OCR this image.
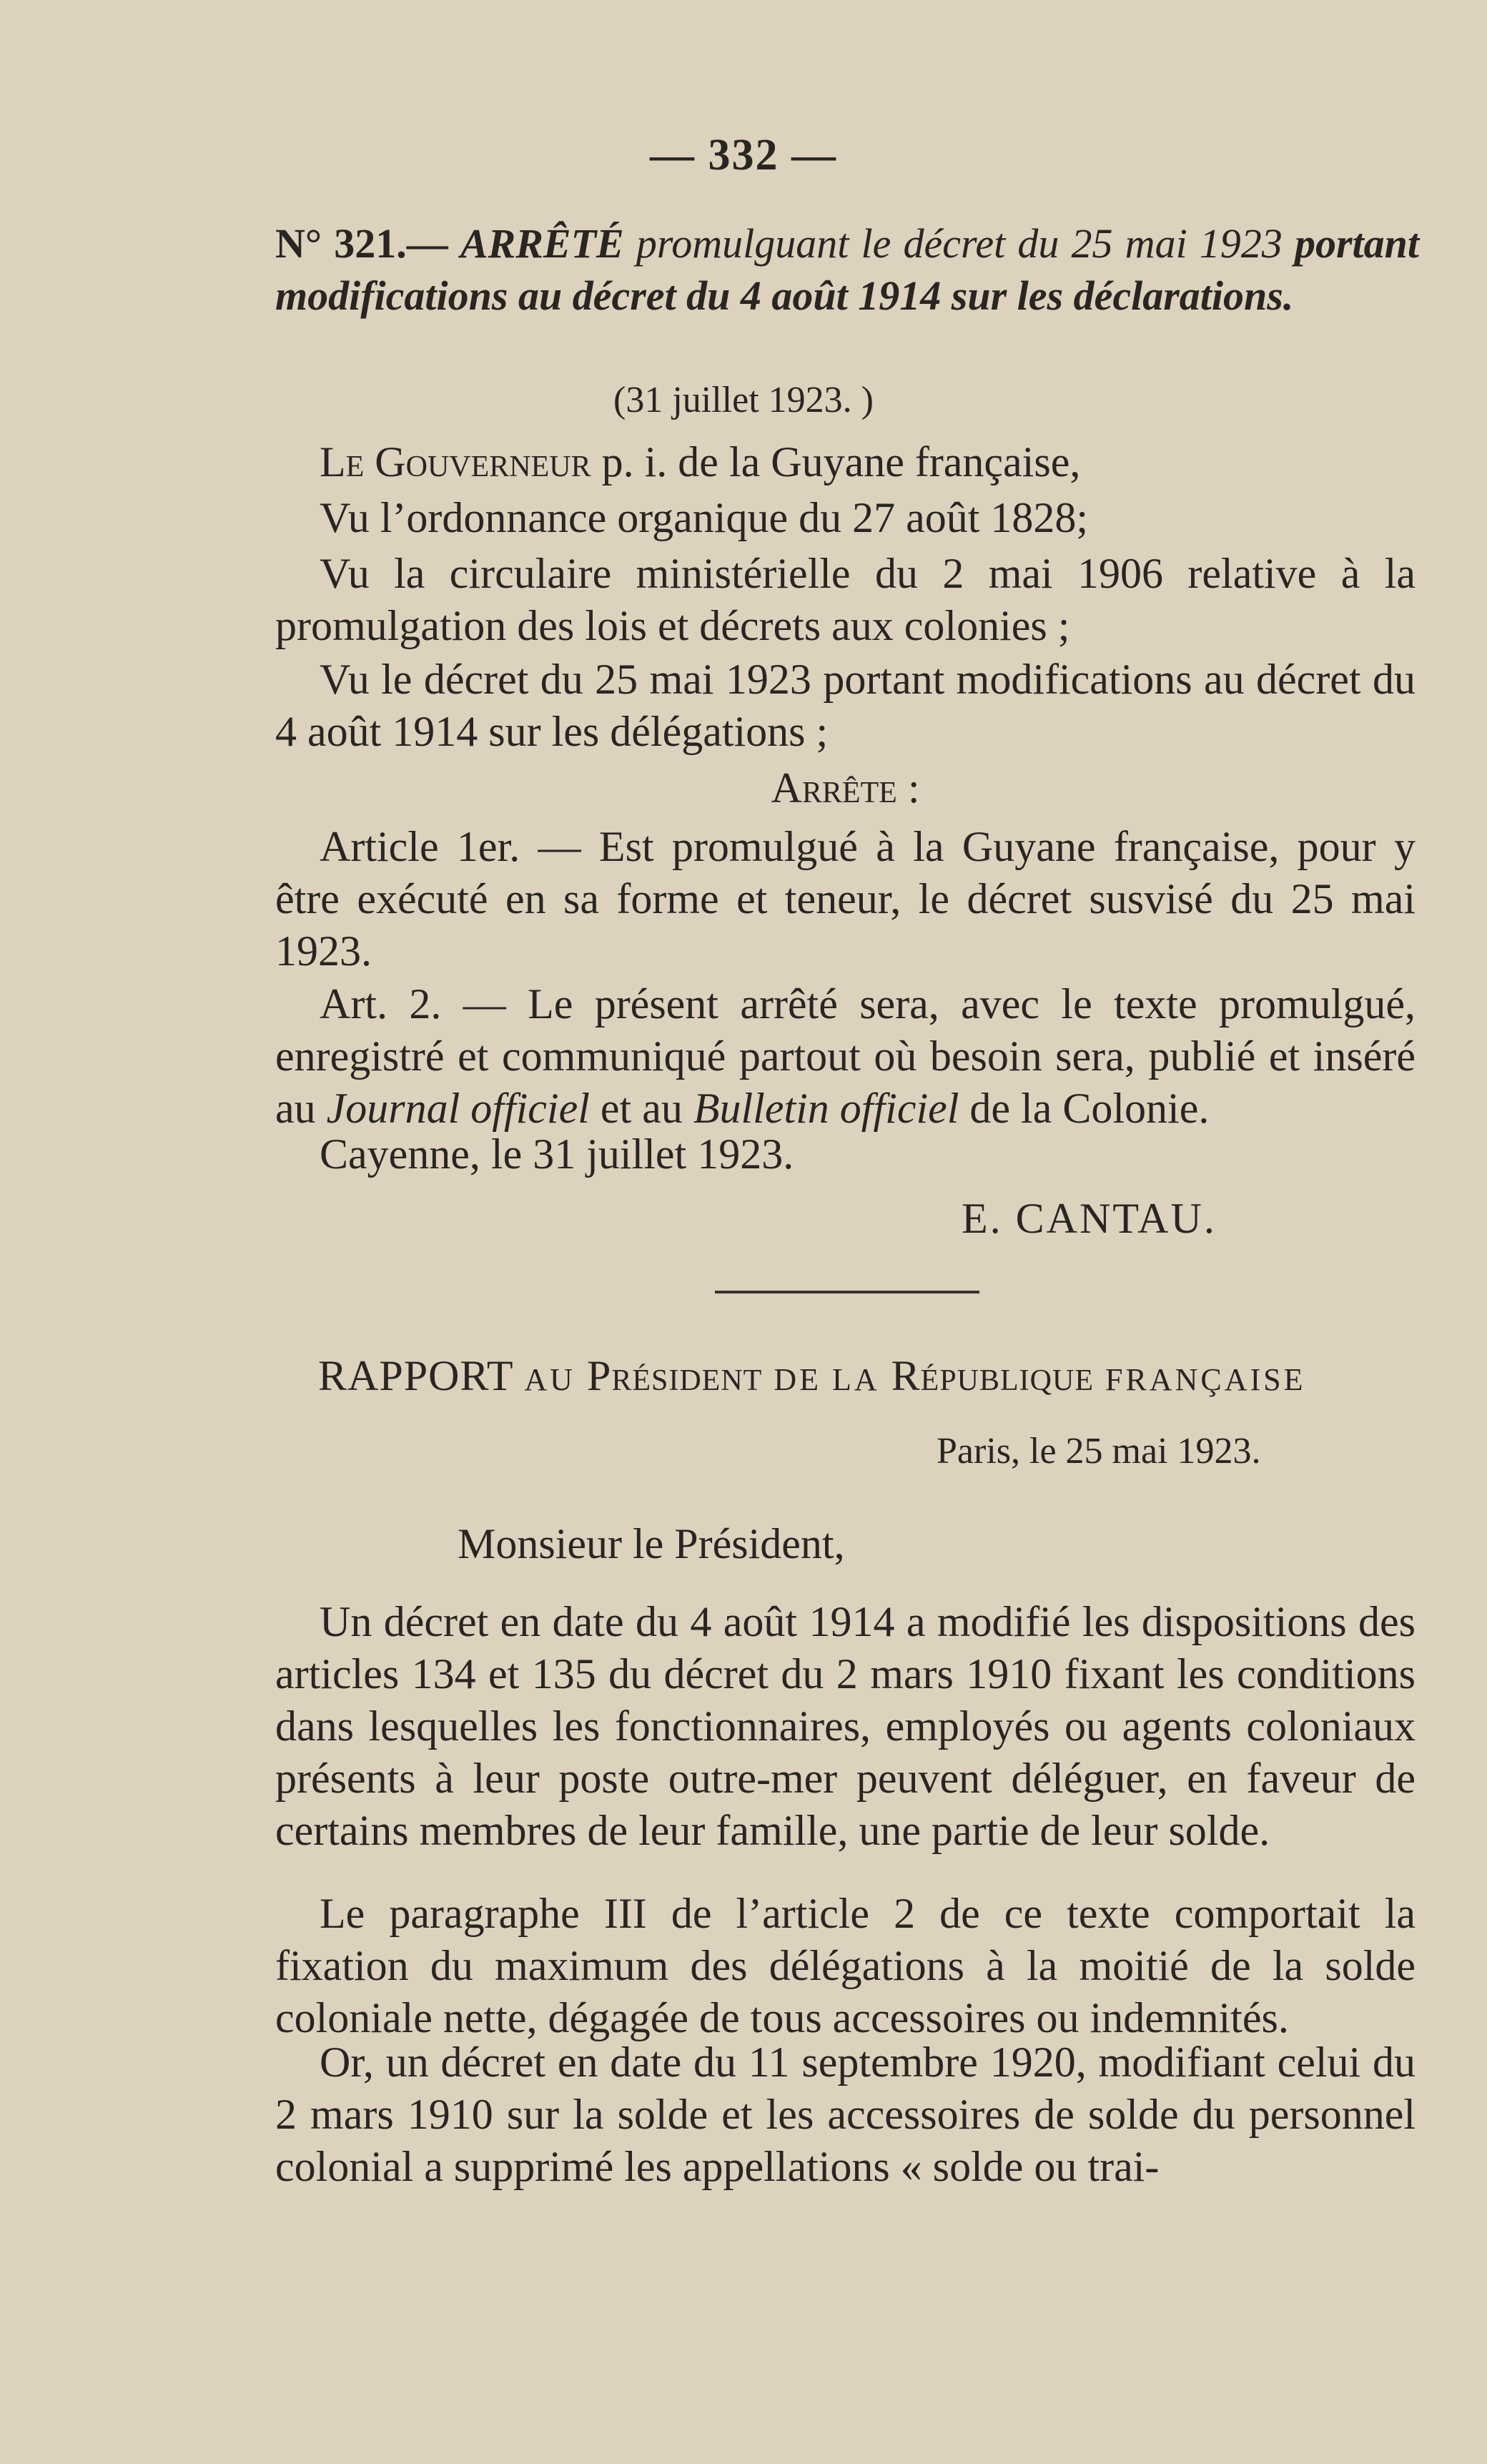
— 332 —
N° 321.— ARRÊTÉ promulguant le décret du 25 mai 1923 portant modifications au décret du 4 août 1914 sur les déclarations.
(31 juillet 1923. )
Le Gouverneur p. i. de la Guyane française,
Vu l’ordonnance organique du 27 août 1828;
Vu la circulaire ministérielle du 2 mai 1906 relative à la promulgation des lois et décrets aux colonies ;
Vu le décret du 25 mai 1923 portant modifications au décret du 4 août 1914 sur les délégations ;
Arrête :
Article 1er. — Est promulgué à la Guyane française, pour y être exécuté en sa forme et teneur, le décret susvisé du 25 mai 1923.
Art. 2. — Le présent arrêté sera, avec le texte promulgué, enregistré et communiqué partout où besoin sera, publié et inséré au Journal officiel et au Bulletin officiel de la Colonie.
Cayenne, le 31 juillet 1923.
E. CANTAU.
RAPPORT AU Président DE LA République FRANÇAISE
Paris, le 25 mai 1923.
Monsieur le Président,
Un décret en date du 4 août 1914 a modifié les dispositions des articles 134 et 135 du décret du 2 mars 1910 fixant les conditions dans lesquelles les fonctionnaires, employés ou agents coloniaux présents à leur poste outre-mer peuvent déléguer, en faveur de certains membres de leur famille, une partie de leur solde.
Le paragraphe III de l’article 2 de ce texte comportait la fixation du maximum des délégations à la moitié de la solde coloniale nette, dégagée de tous accessoires ou indemnités.
Or, un décret en date du 11 septembre 1920, modifiant celui du 2 mars 1910 sur la solde et les accessoires de solde du personnel colonial a supprimé les appellations « solde ou trai-
